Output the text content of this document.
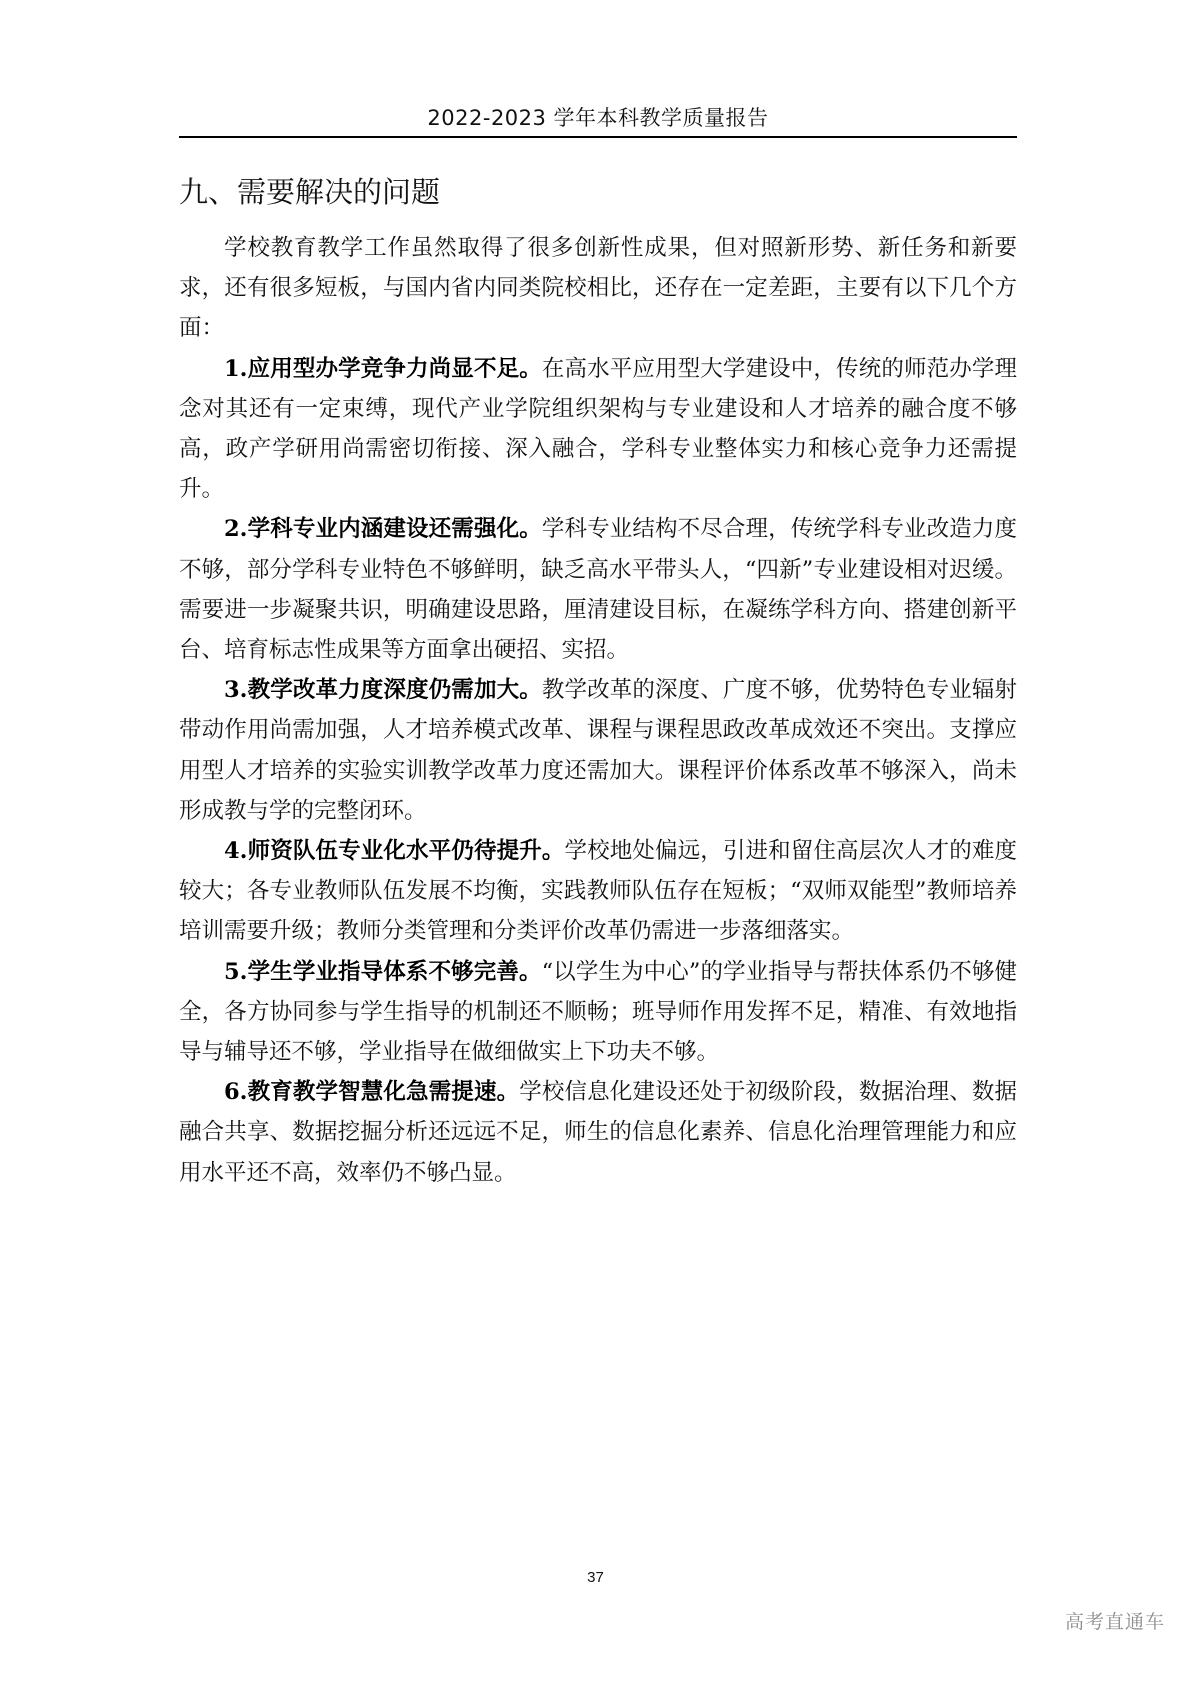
2022-2023 学年本科教学质量报告
九、需要解决的问题

学校教育教学工作虽然取得了很多创新性成果，但对照新形势、新任务和新要求，还有很多短板，与国内省内同类院校相比，还存在一定差距，主要有以下几个方面：

1.应用型办学竞争力尚显不足。在高水平应用型大学建设中，传统的师范办学理念对其还有一定束缚，现代产业学院组织架构与专业建设和人才培养的融合度不够高，政产学研用尚需密切衔接、深入融合，学科专业整体实力和核心竞争力还需提升。

2.学科专业内涵建设还需强化。学科专业结构不尽合理，传统学科专业改造力度不够，部分学科专业特色不够鲜明，缺乏高水平带头人，“四新”专业建设相对迟缓。需要进一步凝聚共识，明确建设思路，厘清建设目标，在凝练学科方向、搭建创新平台、培育标志性成果等方面拿出硬招、实招。

3.教学改革力度深度仍需加大。教学改革的深度、广度不够，优势特色专业辐射带动作用尚需加强，人才培养模式改革、课程与课程思政改革成效还不突出。支撑应用型人才培养的实验实训教学改革力度还需加大。课程评价体系改革不够深入，尚未形成教与学的完整闭环。

4.师资队伍专业化水平仍待提升。学校地处偏远，引进和留住高层次人才的难度较大；各专业教师队伍发展不均衡，实践教师队伍存在短板；“双师双能型”教师培养培训需要升级；教师分类管理和分类评价改革仍需进一步落细落实。

5.学生学业指导体系不够完善。“以学生为中心”的学业指导与帮扶体系仍不够健全，各方协同参与学生指导的机制还不顺畅；班导师作用发挥不足，精准、有效地指导与辅导还不够，学业指导在做细做实上下功夫不够。

6.教育教学智慧化急需提速。学校信息化建设还处于初级阶段，数据治理、数据融合共享、数据挖掘分析还远远不足，师生的信息化素养、信息化治理管理能力和应用水平还不高，效率仍不够凸显。

37
高考直通车
